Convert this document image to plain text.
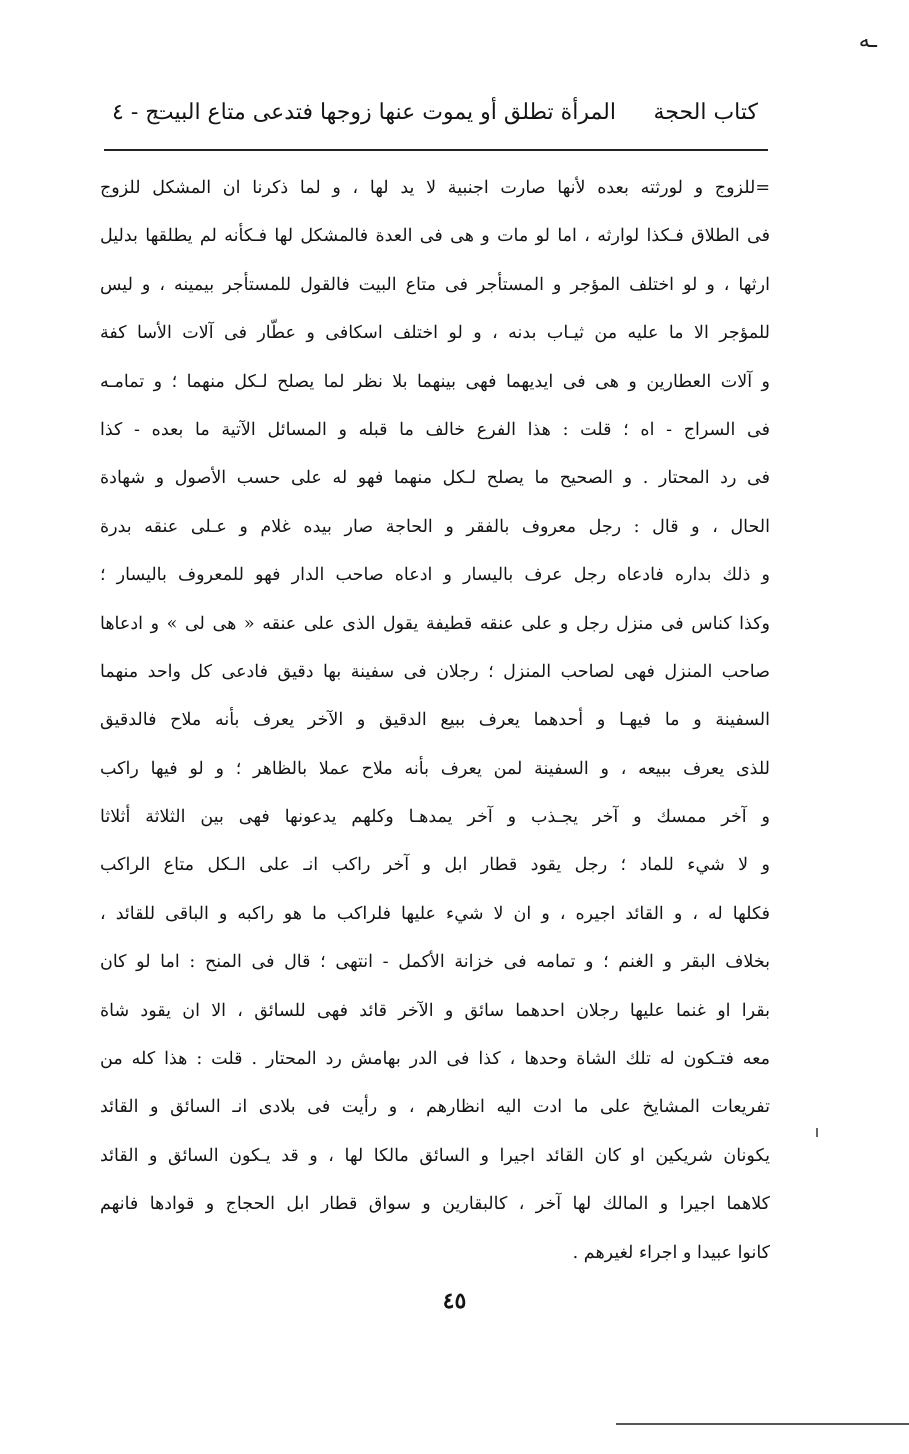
ـه
كتاب الحجة
المرأة تطلق أو يموت عنها زوجها فتدعى متاع البيت
ج - ٤
=للزوج و لورثته بعده لأنها صارت اجنبية لا يد لها ، و لما ذكرنا ان المشكل للزوج
فى الطلاق فـكذا لوارثه ، اما لو مات و هى فى العدة فالمشكل لها فـكأنه لم يطلقها بدليل
ارثها ، و لو اختلف المؤجر و المستأجر فى متاع البيت فالقول للمستأجر بيمينه ، و ليس
للمؤجر الا ما عليه من ثيـاب بدنه ، و لو اختلف اسكافى و عطّار فى آلات الأسا كفة
و آلات العطارين و هى فى ايديهما فهى بينهما بلا نظر لما يصلح لـكل منهما ؛ و تمامـه
فى السراج - اه ؛ قلت : هذا الفرع خالف ما قبله و المسائل الآتية ما بعده - كذا
فى رد المحتار . و الصحيح ما يصلح لـكل منهما فهو له على حسب الأصول و شهادة
الحال ، و قال : رجل معروف بالفقر و الحاجة صار بيده غلام و عـلى عنقه بدرة
و ذلك بداره فادعاه رجل عرف باليسار و ادعاه صاحب الدار فهو للمعروف باليسار ؛
وكذا كناس فى منزل رجل و على عنقه قطيفة يقول الذى على عنقه « هى لى » و ادعاها
صاحب المنزل فهى لصاحب المنزل ؛ رجلان فى سفينة بها دقيق فادعى كل واحد منهما
السفينة و ما فيهـا و أحدهما يعرف ببيع الدقيق و الآخر يعرف بأنه ملاح فالدقيق
للذى يعرف ببيعه ، و السفينة لمن يعرف بأنه ملاح عملا بالظاهر ؛ و لو فيها راكب
و آخر ممسك و آخر يجـذب و آخر يمدهـا وكلهم يدعونها فهى بين الثلاثة أثلاثا
و لا شيء للماد ؛ رجل يقود قطار ابل و آخر راكب انـ على الـكل متاع الراكب
فكلها له ، و القائد اجيره ، و ان لا شيء عليها فلراكب ما هو راكبه و الباقى للقائد ،
بخلاف البقر و الغنم ؛ و تمامه فى خزانة الأكمل - انتهى ؛ قال فى المنح : اما لو كان
بقرا او غنما عليها رجلان احدهما سائق و الآخر قائد فهى للسائق ، الا ان يقود شاة
معه فتـكون له تلك الشاة وحدها ، كذا فى الدر بهامش رد المحتار . قلت : هذا كله من
تفريعات المشايخ على ما ادت اليه انظارهم ، و رأيت فى بلادى انـ السائق و القائد
يكونان شريكين او كان القائد اجيرا و السائق مالكا لها ، و قد يـكون السائق و القائد
كلاهما اجيرا و المالك لها آخر ، كالبقارين و سواق قطار ابل الحجاج و قوادها فانهم
كانوا عبيدا و اجراء لغيرهم .
٤٥
